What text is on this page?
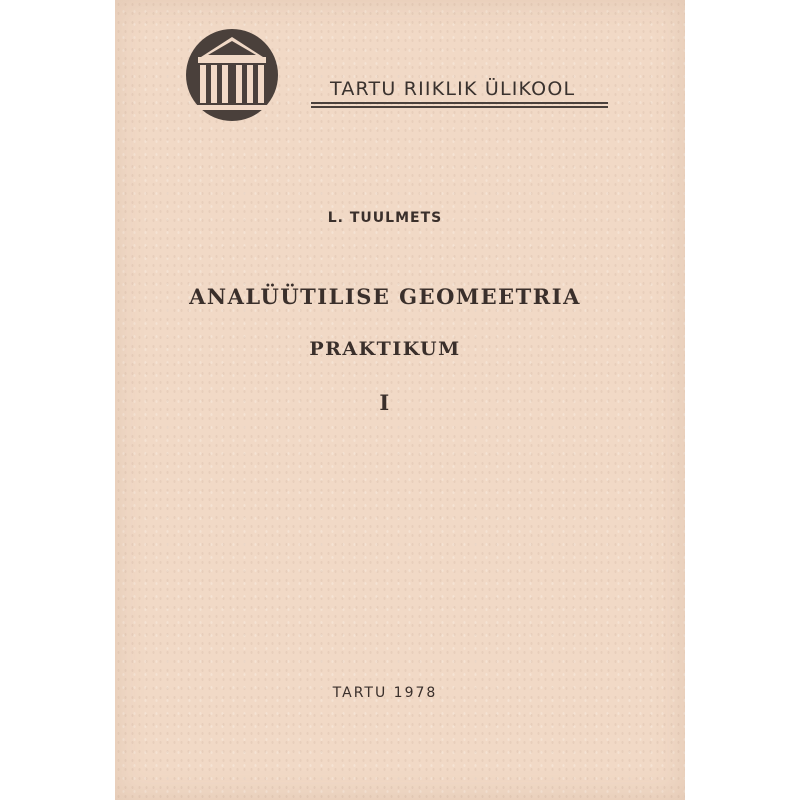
TARTU RIIKLIK ÜLIKOOL
L. TUULMETS
ANALÜÜTILISE GEOMEETRIA
PRAKTIKUM
I
TARTU 1978
